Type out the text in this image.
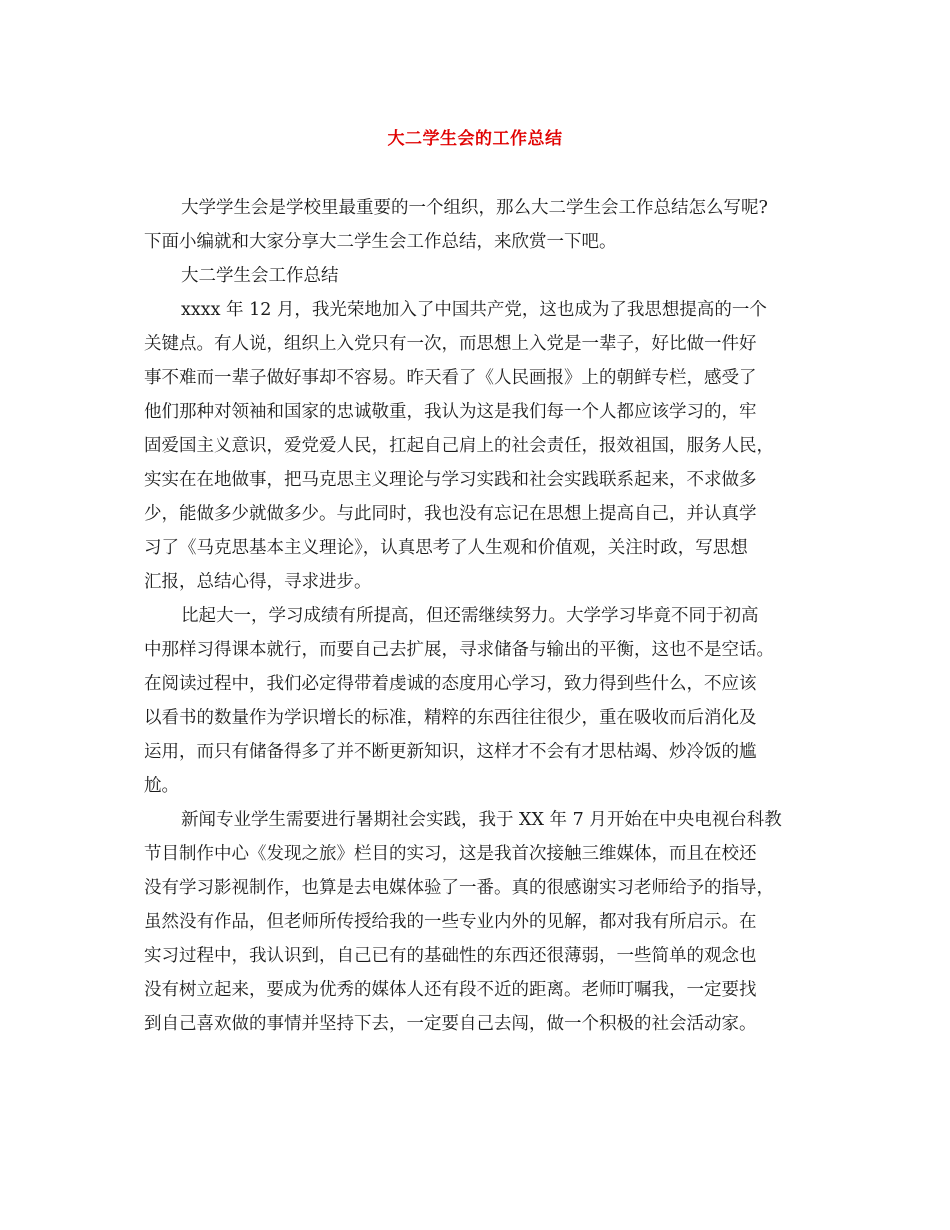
大二学生会的工作总结
大学学生会是学校里最重要的一个组织，那么大二学生会工作总结怎么写呢?
下面小编就和大家分享大二学生会工作总结，来欣赏一下吧。
大二学生会工作总结
xxxx 年 12 月，我光荣地加入了中国共产党，这也成为了我思想提高的一个
关键点。有人说，组织上入党只有一次，而思想上入党是一辈子，好比做一件好
事不难而一辈子做好事却不容易。昨天看了《人民画报》上的朝鲜专栏，感受了
他们那种对领袖和国家的忠诚敬重，我认为这是我们每一个人都应该学习的，牢
固爱国主义意识，爱党爱人民，扛起自己肩上的社会责任，报效祖国，服务人民，
实实在在地做事，把马克思主义理论与学习实践和社会实践联系起来，不求做多
少，能做多少就做多少。与此同时，我也没有忘记在思想上提高自己，并认真学
习了《马克思基本主义理论》，认真思考了人生观和价值观，关注时政，写思想
汇报，总结心得，寻求进步。
比起大一，学习成绩有所提高，但还需继续努力。大学学习毕竟不同于初高
中那样习得课本就行，而要自己去扩展，寻求储备与输出的平衡，这也不是空话。
在阅读过程中，我们必定得带着虔诚的态度用心学习，致力得到些什么，不应该
以看书的数量作为学识增长的标准，精粹的东西往往很少，重在吸收而后消化及
运用，而只有储备得多了并不断更新知识，这样才不会有才思枯竭、炒冷饭的尴
尬。
新闻专业学生需要进行暑期社会实践，我于 XX 年 7 月开始在中央电视台科教
节目制作中心《发现之旅》栏目的实习，这是我首次接触三维媒体，而且在校还
没有学习影视制作，也算是去电媒体验了一番。真的很感谢实习老师给予的指导，
虽然没有作品，但老师所传授给我的一些专业内外的见解，都对我有所启示。在
实习过程中，我认识到，自己已有的基础性的东西还很薄弱，一些简单的观念也
没有树立起来，要成为优秀的媒体人还有段不近的距离。老师叮嘱我，一定要找
到自己喜欢做的事情并坚持下去，一定要自己去闯，做一个积极的社会活动家。
